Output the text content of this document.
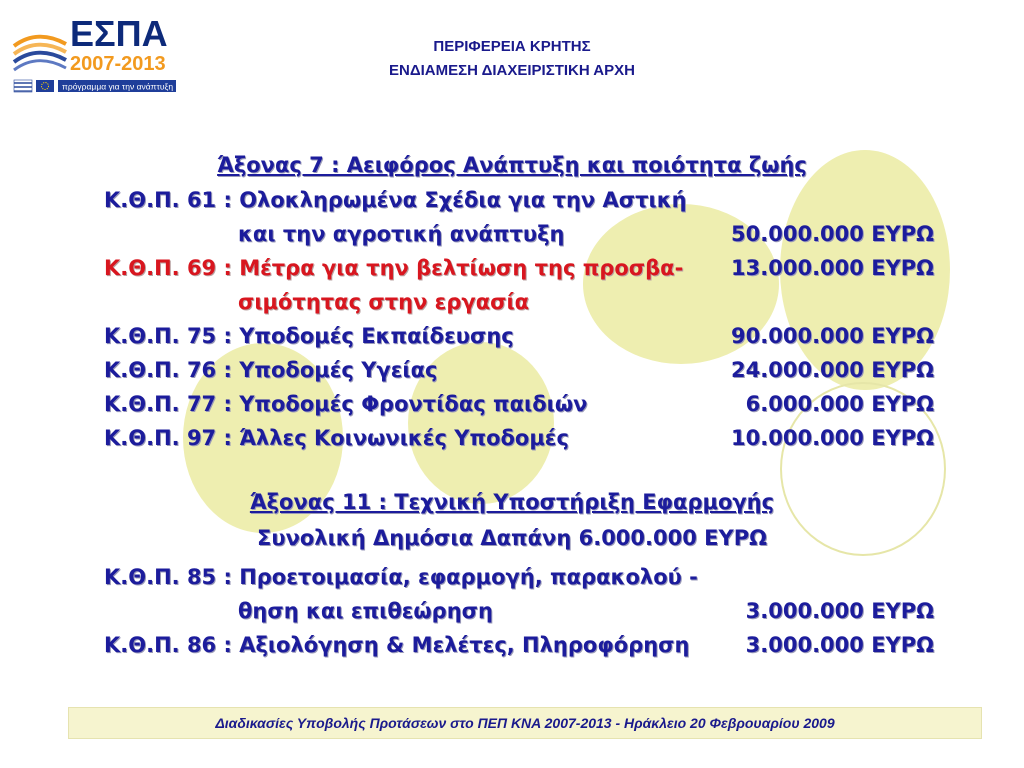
ΕΣΠΑ
2007-2013
πρόγραμμα για την ανάπτυξη
ΠΕΡΙΦΕΡΕΙΑ ΚΡΗΤΗΣ
ΕΝΔΙΑΜΕΣΗ ΔΙΑΧΕΙΡΙΣΤΙΚΗ ΑΡΧΗ
Άξονας 7 : Αειφόρος Ανάπτυξη και ποιότητα ζωής
Κ.Θ.Π. 61 : Ολοκληρωμένα Σχέδια για την Αστική
και την αγροτική ανάπτυξη	50.000.000 ΕΥΡΩ
Κ.Θ.Π. 69 : Μέτρα για την βελτίωση της προσβα- 13.000.000 ΕΥΡΩ
σιμότητας στην εργασία
Κ.Θ.Π. 75 : Υποδομές Εκπαίδευσης	90.000.000 ΕΥΡΩ
Κ.Θ.Π. 76 : Υποδομές Υγείας	24.000.000 ΕΥΡΩ
Κ.Θ.Π. 77 : Υποδομές Φροντίδας παιδιών	6.000.000 ΕΥΡΩ
Κ.Θ.Π. 97 : Άλλες Κοινωνικές Υποδομές	10.000.000 ΕΥΡΩ
Άξονας 11 : Τεχνική Υποστήριξη Εφαρμογής
Συνολική Δημόσια Δαπάνη 6.000.000 ΕΥΡΩ
Κ.Θ.Π. 85 : Προετοιμασία, εφαρμογή, παρακολού -
θηση και επιθεώρηση	3.000.000 ΕΥΡΩ
Κ.Θ.Π. 86 : Αξιολόγηση & Μελέτες, Πληροφόρηση	3.000.000 ΕΥΡΩ
Διαδικασίες Υποβολής Προτάσεων στο ΠΕΠ ΚΝΑ 2007-2013 - Ηράκλειο 20 Φεβρουαρίου 2009
